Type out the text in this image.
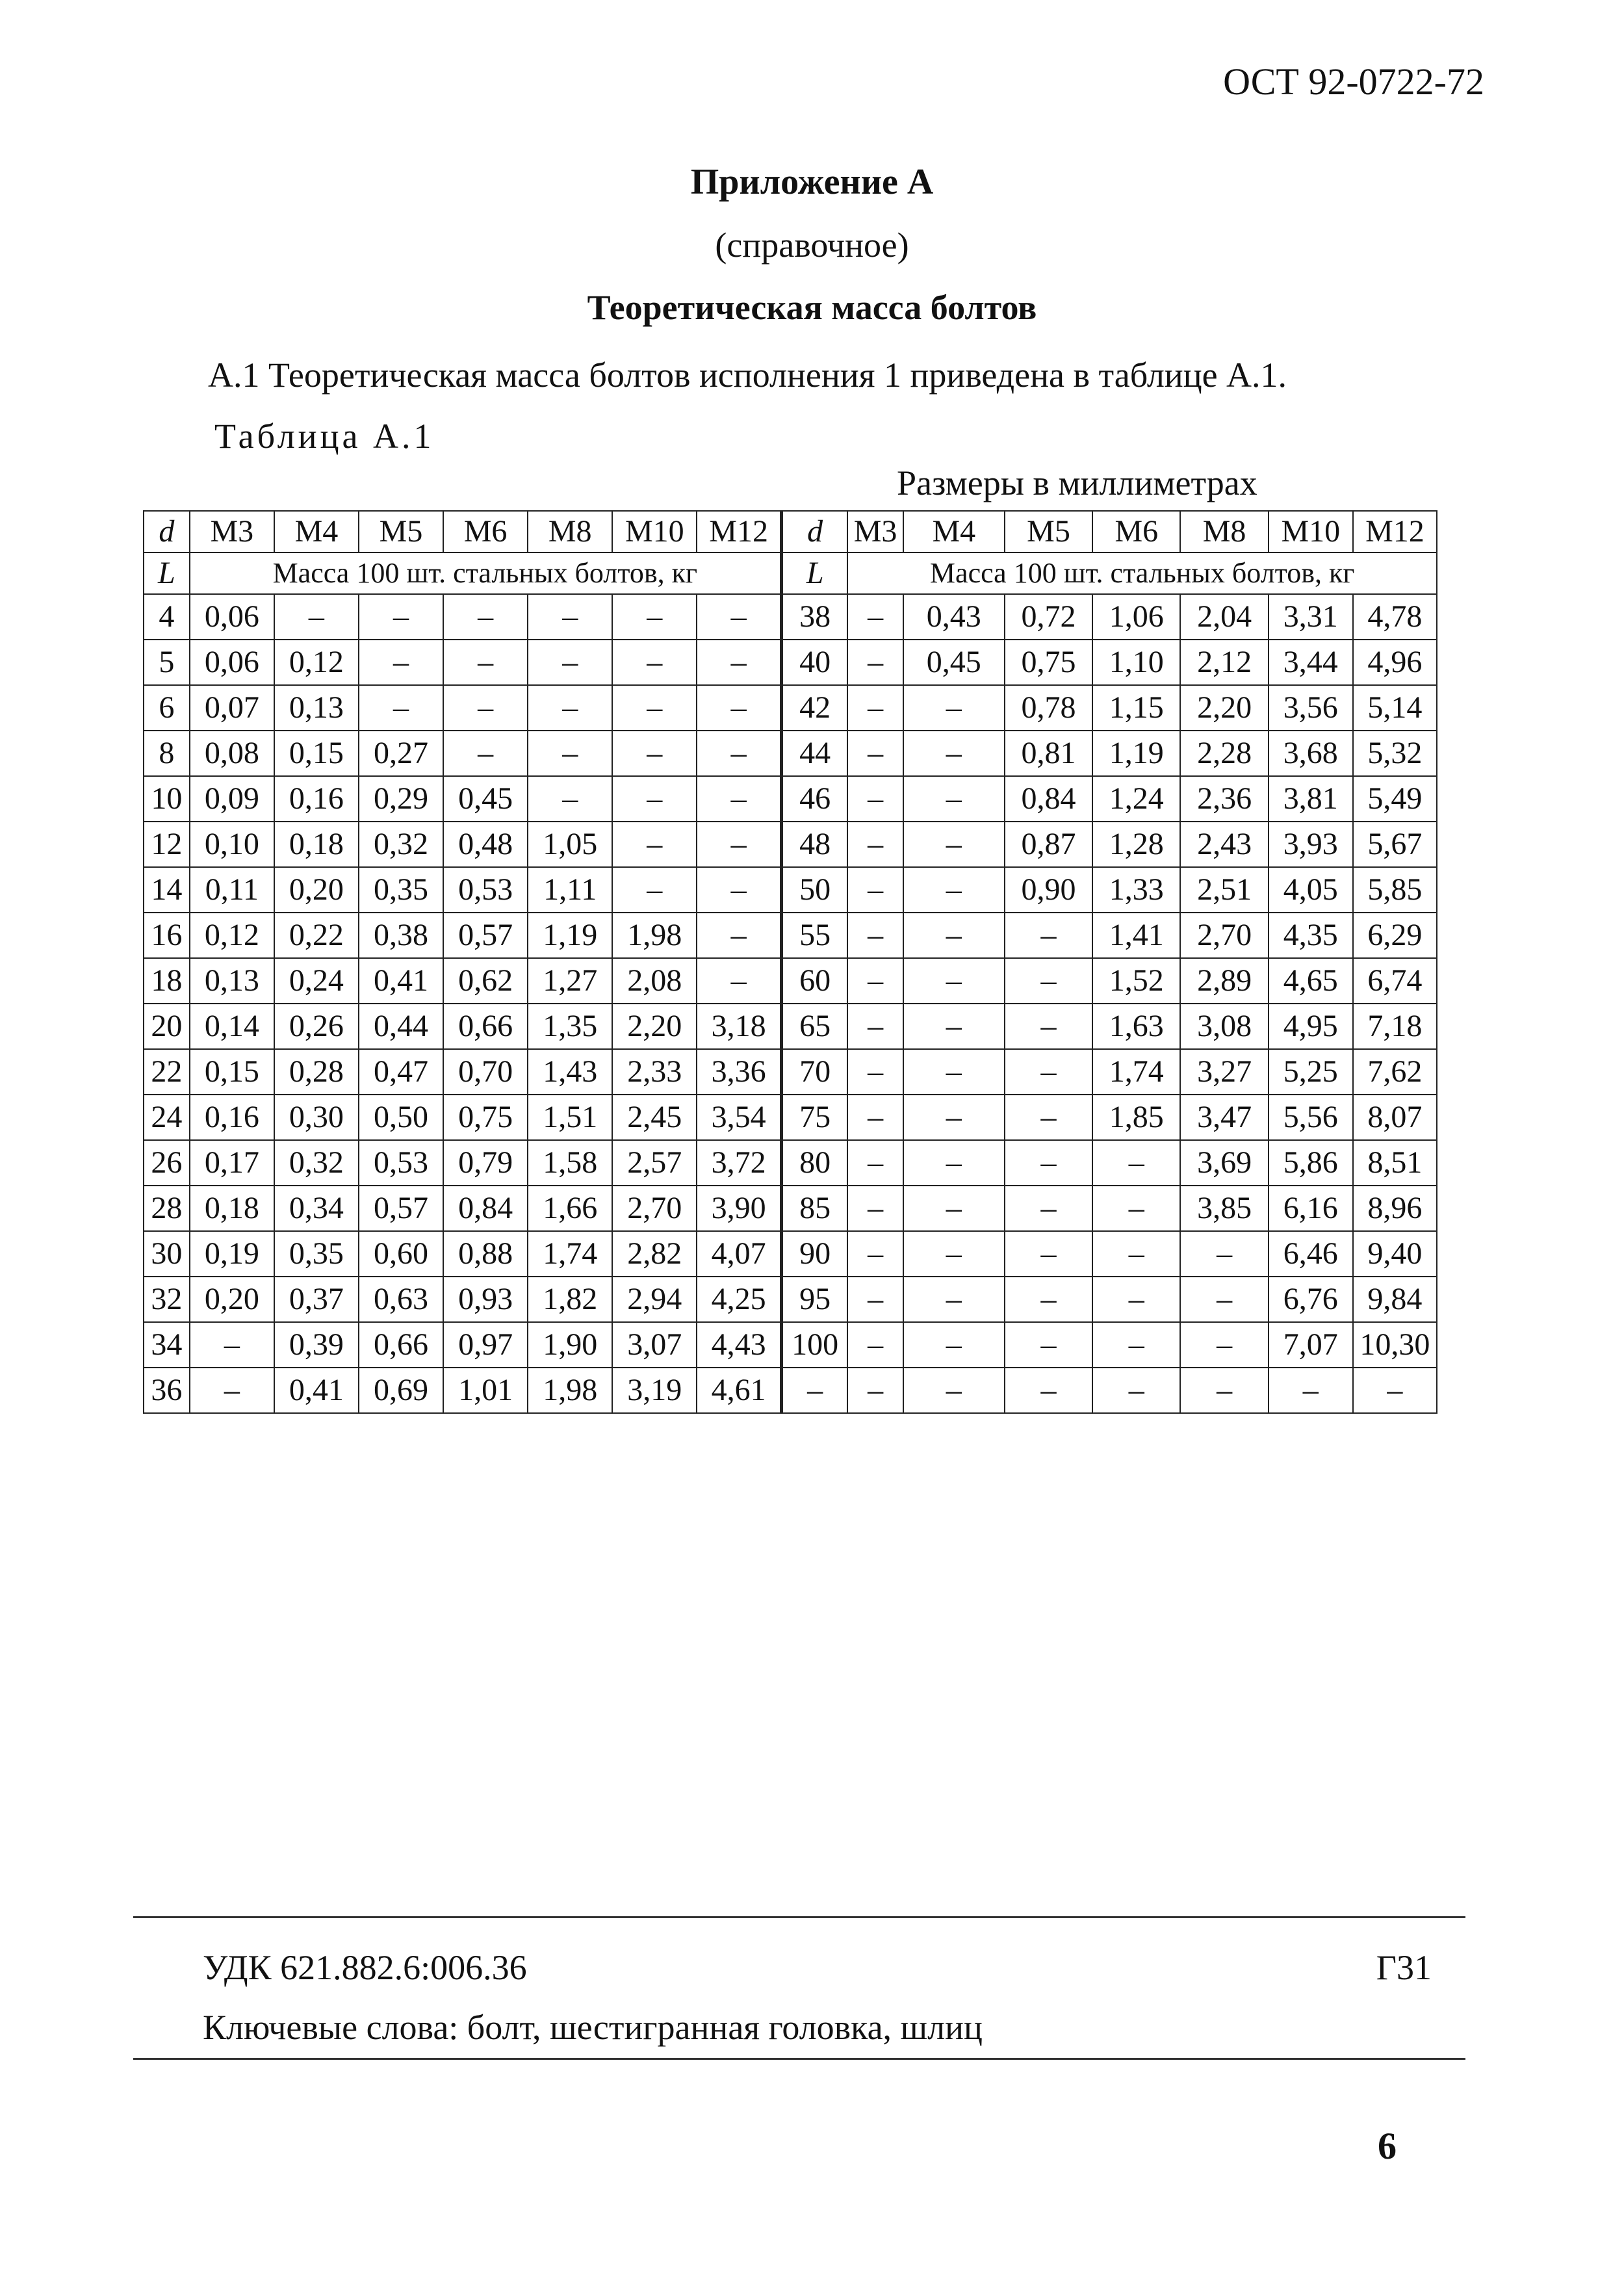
ОСТ 92-0722-72
Приложение А
(справочное)
Теоретическая масса болтов
А.1 Теоретическая масса болтов исполнения 1 приведена в таблице А.1.
Таблица А.1
Размеры в миллиметрах
d	М3	М4	М5	М6	М8	М10	М12	d	М3	М4	М5	М6	М8	М10	М12
L	Масса 100 шт. стальных болтов, кг							L	Масса 100 шт. стальных болтов, кг						
4	0,06	–	–	–	–	–	–	38	–	0,43	0,72	1,06	2,04	3,31	4,78
5	0,06	0,12	–	–	–	–	–	40	–	0,45	0,75	1,10	2,12	3,44	4,96
6	0,07	0,13	–	–	–	–	–	42	–	–	0,78	1,15	2,20	3,56	5,14
8	0,08	0,15	0,27	–	–	–	–	44	–	–	0,81	1,19	2,28	3,68	5,32
10	0,09	0,16	0,29	0,45	–	–	–	46	–	–	0,84	1,24	2,36	3,81	5,49
12	0,10	0,18	0,32	0,48	1,05	–	–	48	–	–	0,87	1,28	2,43	3,93	5,67
14	0,11	0,20	0,35	0,53	1,11	–	–	50	–	–	0,90	1,33	2,51	4,05	5,85
16	0,12	0,22	0,38	0,57	1,19	1,98	–	55	–	–	–	1,41	2,70	4,35	6,29
18	0,13	0,24	0,41	0,62	1,27	2,08	–	60	–	–	–	1,52	2,89	4,65	6,74
20	0,14	0,26	0,44	0,66	1,35	2,20	3,18	65	–	–	–	1,63	3,08	4,95	7,18
22	0,15	0,28	0,47	0,70	1,43	2,33	3,36	70	–	–	–	1,74	3,27	5,25	7,62
24	0,16	0,30	0,50	0,75	1,51	2,45	3,54	75	–	–	–	1,85	3,47	5,56	8,07
26	0,17	0,32	0,53	0,79	1,58	2,57	3,72	80	–	–	–	–	3,69	5,86	8,51
28	0,18	0,34	0,57	0,84	1,66	2,70	3,90	85	–	–	–	–	3,85	6,16	8,96
30	0,19	0,35	0,60	0,88	1,74	2,82	4,07	90	–	–	–	–	–	6,46	9,40
32	0,20	0,37	0,63	0,93	1,82	2,94	4,25	95	–	–	–	–	–	6,76	9,84
34	–	0,39	0,66	0,97	1,90	3,07	4,43	100	–	–	–	–	–	7,07	10,30
36	–	0,41	0,69	1,01	1,98	3,19	4,61	–	–	–	–	–	–	–	–
УДК 621.882.6:006.36	Г31
Ключевые слова: болт, шестигранная головка, шлиц
6
